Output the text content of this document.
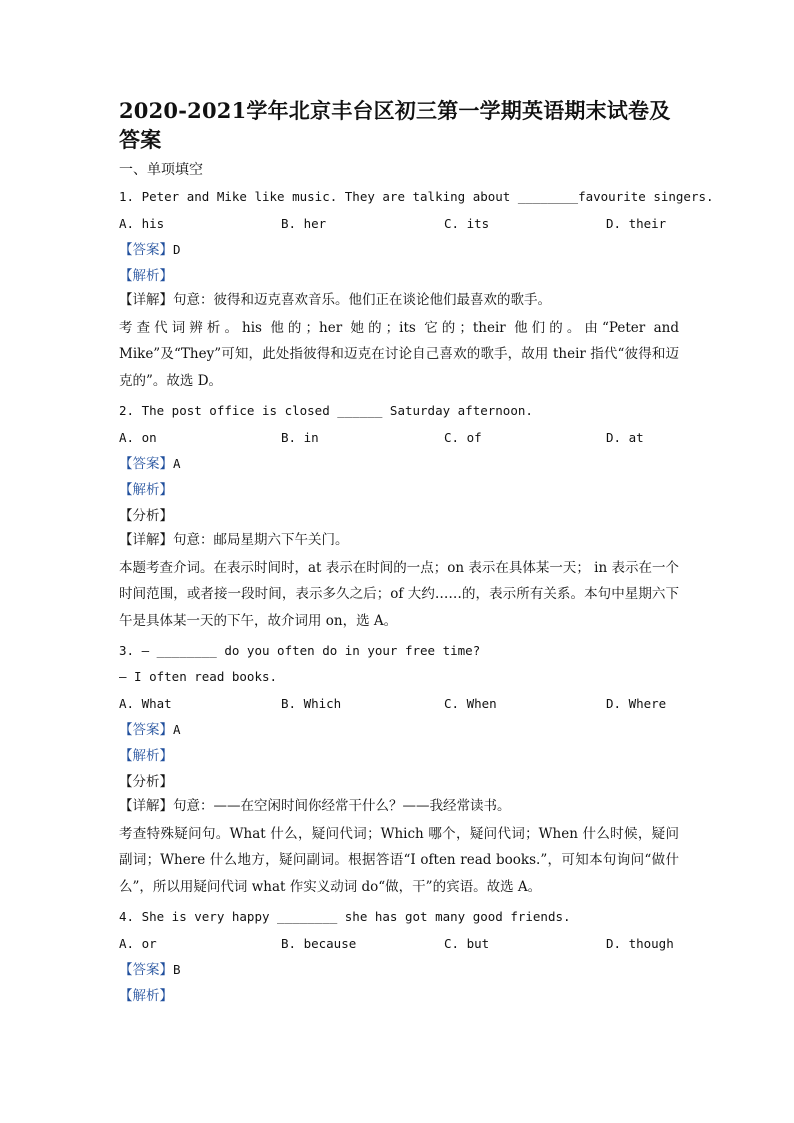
2020-2021学年北京丰台区初三第一学期英语期末试卷及答案
一、单项填空
1. Peter and Mike like music. They are talking about ________favourite singers.
A. his	B. her	C. its	D. their
【答案】D
【解析】
【详解】句意：彼得和迈克喜欢音乐。他们正在谈论他们最喜欢的歌手。
考查代词辨析。his 他的；her 她的；its 它的；their 他们的。由“Peter and Mike”及“They”可知，此处指彼得和迈克在讨论自己喜欢的歌手，故用 their 指代“彼得和迈克的”。故选 D。
2. The post office is closed ______ Saturday afternoon.
A. on	B. in	C. of	D. at
【答案】A
【解析】
【分析】
【详解】句意：邮局星期六下午关门。
本题考查介词。在表示时间时，at 表示在时间的一点；on 表示在具体某一天； in 表示在一个时间范围，或者接一段时间，表示多久之后；of 大约……的，表示所有关系。本句中星期六下午是具体某一天的下午，故介词用 on，选 A。
3. — ________ do you often do in your free time?
— I often read books.
A. What	B. Which	C. When	D. Where
【答案】A
【解析】
【分析】
【详解】句意：——在空闲时间你经常干什么？——我经常读书。
考查特殊疑问句。What 什么，疑问代词；Which 哪个，疑问代词；When 什么时候，疑问副词；Where 什么地方，疑问副词。根据答语“I often read books.”，可知本句询问“做什么”，所以用疑问代词 what 作实义动词 do“做，干”的宾语。故选 A。
4. She is very happy ________ she has got many good friends.
A. or	B. because	C. but	D. though
【答案】B
【解析】
